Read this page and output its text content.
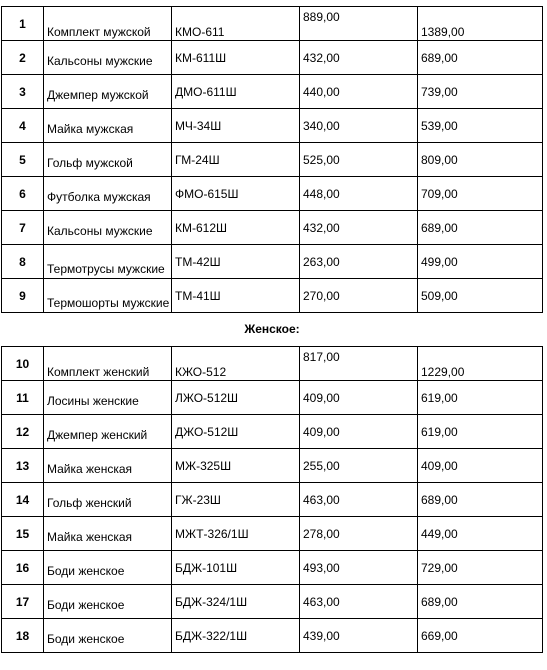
1	Комплект мужской	КМО-611	889,00	1389,00
2	Кальсоны мужские	КМ-611Ш	432,00	689,00
3	Джемпер мужской	ДМО-611Ш	440,00	739,00
4	Майка мужская	МЧ-34Ш	340,00	539,00
5	Гольф мужской	ГМ-24Ш	525,00	809,00
6	Футболка мужская	ФМО-615Ш	448,00	709,00
7	Кальсоны мужские	КМ-612Ш	432,00	689,00
8	Термотрусы мужские	ТМ-42Ш	263,00	499,00
9	Термошорты мужские	ТМ-41Ш	270,00	509,00
Женское:				
10	Комплект женский	КЖО-512	817,00	1229,00
11	Лосины женские	ЛЖО-512Ш	409,00	619,00
12	Джемпер женский	ДЖО-512Ш	409,00	619,00
13	Майка женская	МЖ-325Ш	255,00	409,00
14	Гольф женский	ГЖ-23Ш	463,00	689,00
15	Майка женская	МЖТ-326/1Ш	278,00	449,00
16	Боди женское	БДЖ-101Ш	493,00	729,00
17	Боди женское	БДЖ-324/1Ш	463,00	689,00
18	Боди женское	БДЖ-322/1Ш	439,00	669,00
